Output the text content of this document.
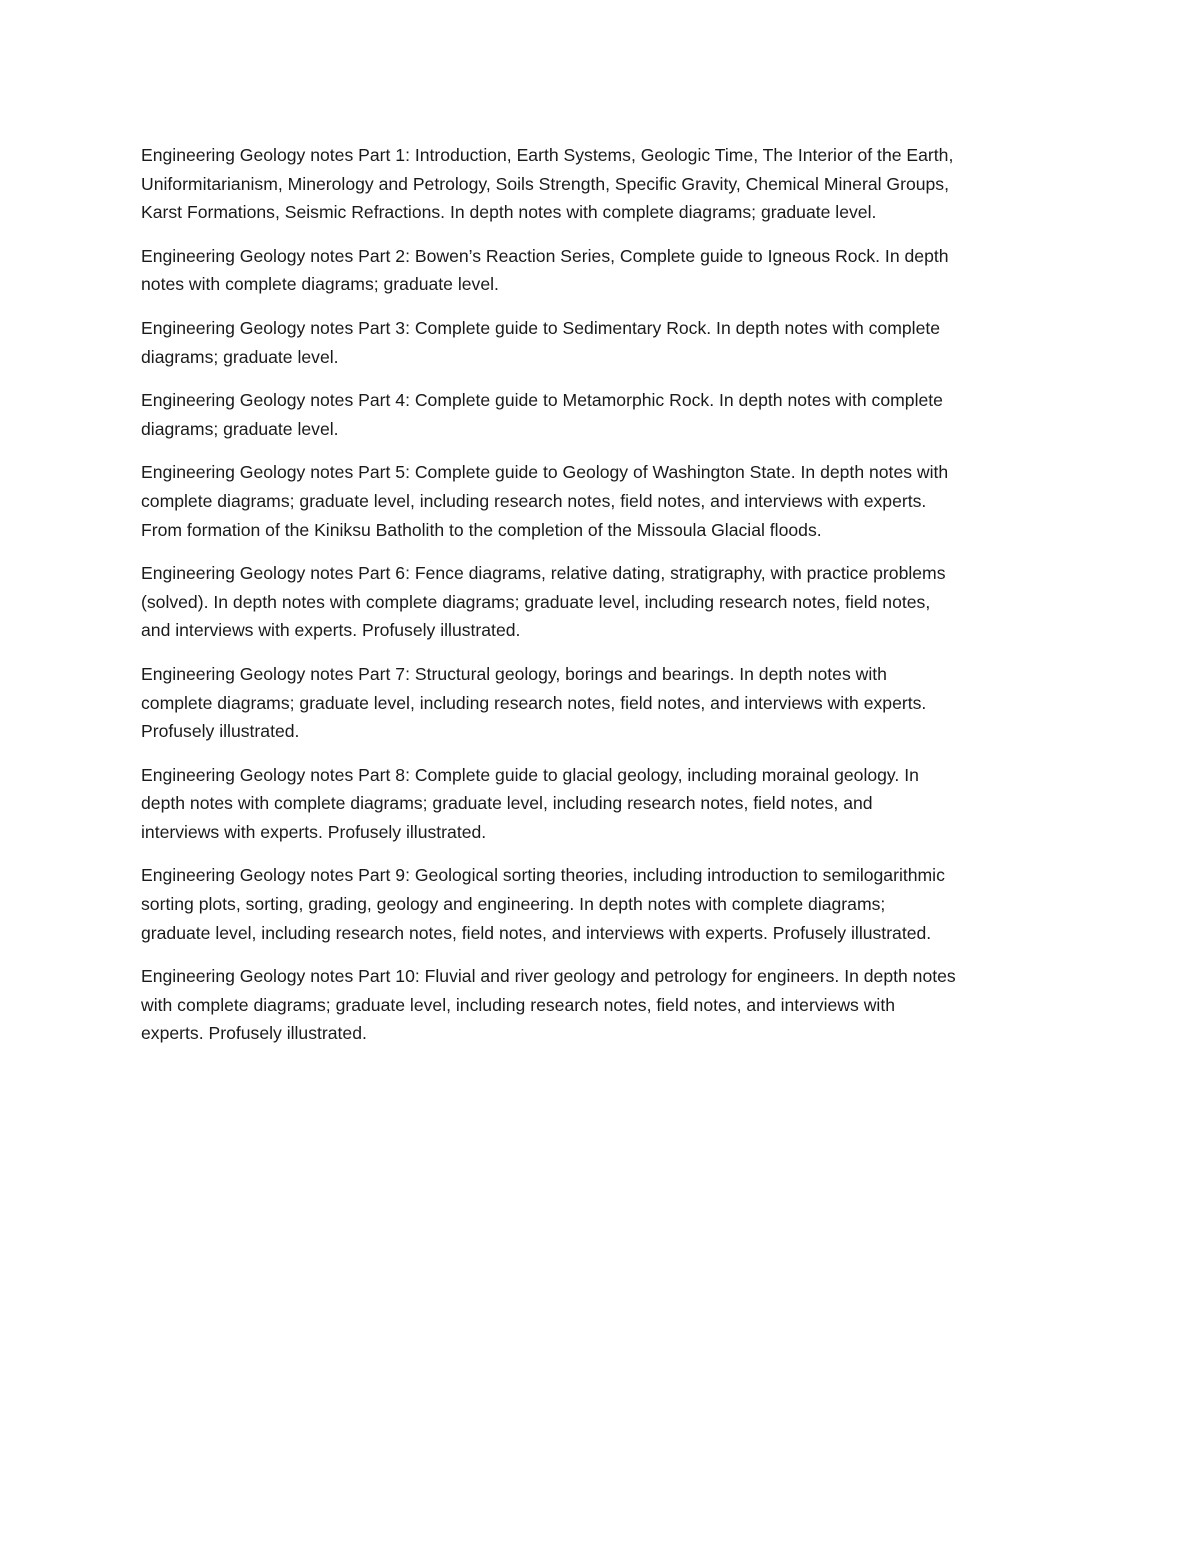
Engineering Geology notes Part 1: Introduction, Earth Systems, Geologic Time, The Interior of the Earth,
Uniformitarianism, Minerology and Petrology, Soils Strength, Specific Gravity, Chemical Mineral Groups,
Karst Formations, Seismic Refractions. In depth notes with complete diagrams; graduate level.

Engineering Geology notes Part 2: Bowen’s Reaction Series, Complete guide to Igneous Rock. In depth
notes with complete diagrams; graduate level.

Engineering Geology notes Part 3: Complete guide to Sedimentary Rock. In depth notes with complete
diagrams; graduate level.

Engineering Geology notes Part 4: Complete guide to Metamorphic Rock. In depth notes with complete
diagrams; graduate level.

Engineering Geology notes Part 5: Complete guide to Geology of Washington State. In depth notes with
complete diagrams; graduate level, including research notes, field notes, and interviews with experts.
From formation of the Kiniksu Batholith to the completion of the Missoula Glacial floods.

Engineering Geology notes Part 6: Fence diagrams, relative dating, stratigraphy, with practice problems
(solved). In depth notes with complete diagrams; graduate level, including research notes, field notes,
and interviews with experts. Profusely illustrated.

Engineering Geology notes Part 7: Structural geology, borings and bearings. In depth notes with
complete diagrams; graduate level, including research notes, field notes, and interviews with experts.
Profusely illustrated.

Engineering Geology notes Part 8: Complete guide to glacial geology, including morainal geology. In
depth notes with complete diagrams; graduate level, including research notes, field notes, and
interviews with experts. Profusely illustrated.

Engineering Geology notes Part 9: Geological sorting theories, including introduction to semilogarithmic
sorting plots, sorting, grading, geology and engineering. In depth notes with complete diagrams;
graduate level, including research notes, field notes, and interviews with experts. Profusely illustrated.

Engineering Geology notes Part 10: Fluvial and river geology and petrology for engineers. In depth notes
with complete diagrams; graduate level, including research notes, field notes, and interviews with
experts. Profusely illustrated.
